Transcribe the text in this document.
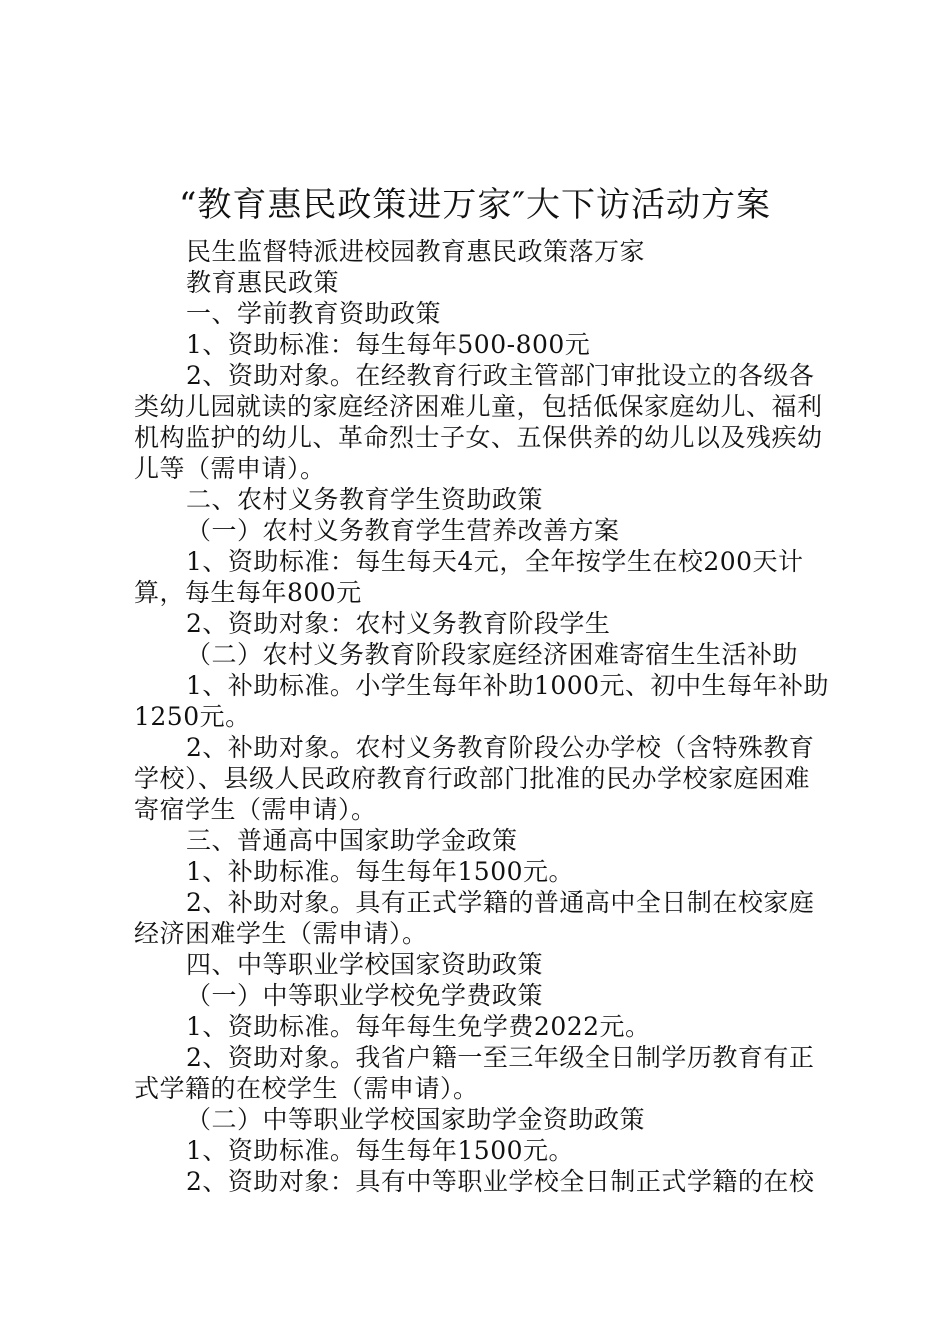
“教育惠民政策进万家″大下访活动方案

民生监督特派进校园教育惠民政策落万家

教育惠民政策

一、学前教育资助政策

1、资助标准：每生每年500-800元

2、资助对象。在经教育行政主管部门审批设立的各级各类幼儿园就读的家庭经济困难儿童，包括低保家庭幼儿、福利机构监护的幼儿、革命烈士子女、五保供养的幼儿以及残疾幼儿等（需申请）。

二、农村义务教育学生资助政策

（一）农村义务教育学生营养改善方案

1、资助标准：每生每天4元，全年按学生在校200天计算，每生每年800元

2、资助对象：农村义务教育阶段学生

（二）农村义务教育阶段家庭经济困难寄宿生生活补助

1、补助标准。小学生每年补助1000元、初中生每年补助1250元。

2、补助对象。农村义务教育阶段公办学校（含特殊教育学校）、县级人民政府教育行政部门批准的民办学校家庭困难寄宿学生（需申请）。

三、普通高中国家助学金政策

1、补助标准。每生每年1500元。

2、补助对象。具有正式学籍的普通高中全日制在校家庭经济困难学生（需申请）。

四、中等职业学校国家资助政策

（一）中等职业学校免学费政策

1、资助标准。每年每生免学费2022元。

2、资助对象。我省户籍一至三年级全日制学历教育有正式学籍的在校学生（需申请）。

（二）中等职业学校国家助学金资助政策

1、资助标准。每生每年1500元。

2、资助对象：具有中等职业学校全日制正式学籍的在校
